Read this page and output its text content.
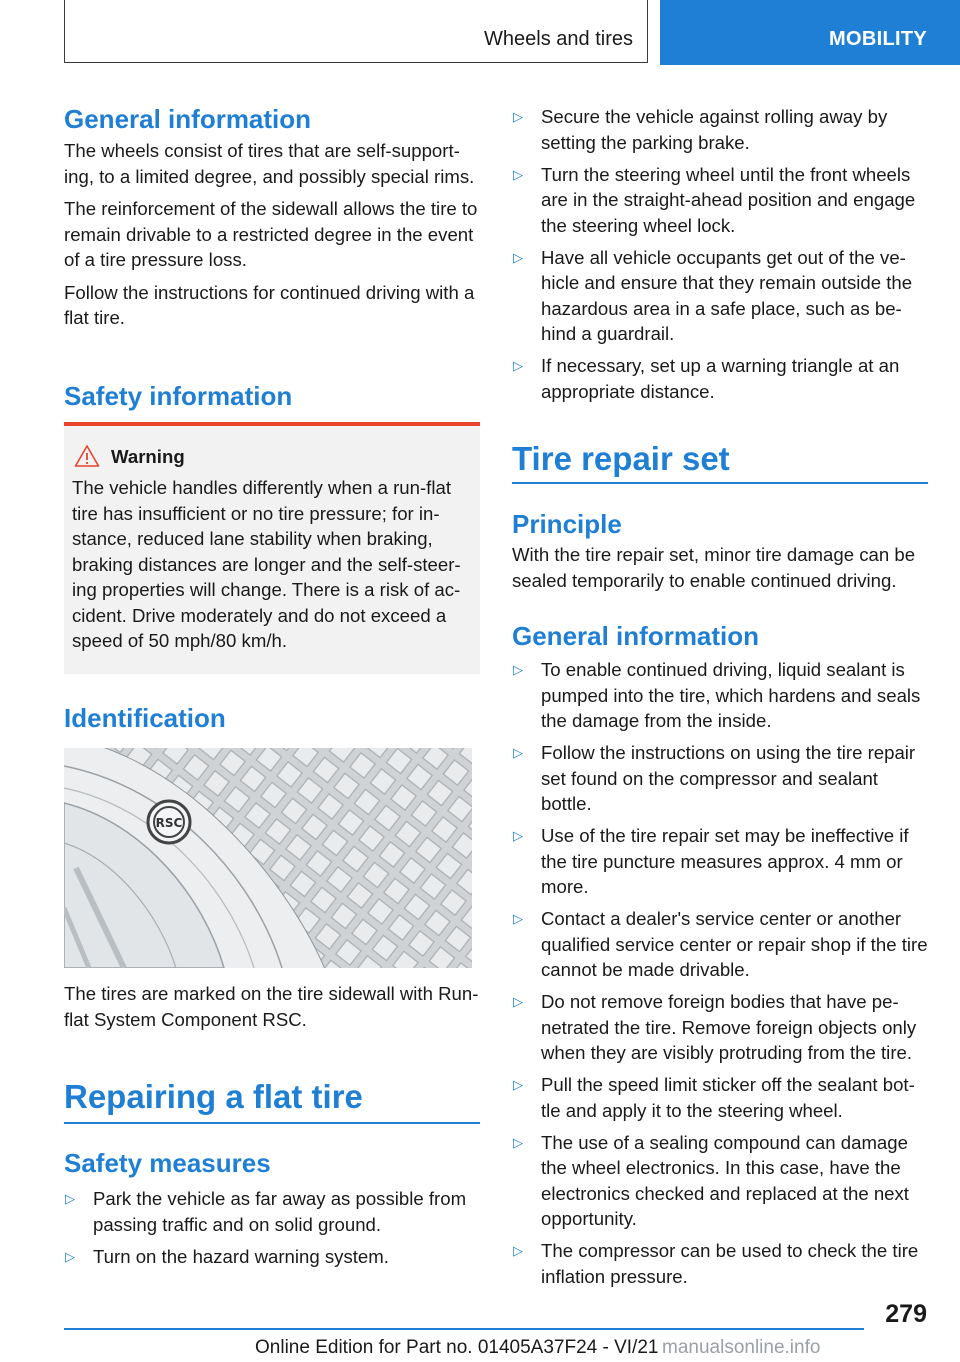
Wheels and tires	MOBILITY
General information

The wheels consist of tires that are self-support-ing, to a limited degree, and possibly special rims.

The reinforcement of the sidewall allows the tire to remain drivable to a restricted degree in the event of a tire pressure loss.

Follow the instructions for continued driving with a flat tire.

Safety information
Warning

The vehicle handles differently when a run-flat tire has insufficient or no tire pressure; for in-stance, reduced lane stability when braking, braking distances are longer and the self-steer-ing properties will change. There is a risk of ac-cident. Drive moderately and do not exceed a speed of 50 mph/80 km/h.

Identification
RSC

The tires are marked on the tire sidewall with Run-flat System Component RSC.

Repairing a flat tire
Safety measures
▷ Park the vehicle as far away as possible from passing traffic and on solid ground.
▷ Turn on the hazard warning system.
▷ Secure the vehicle against rolling away by setting the parking brake.
▷ Turn the steering wheel until the front wheels are in the straight-ahead position and engage the steering wheel lock.
▷ Have all vehicle occupants get out of the ve-hicle and ensure that they remain outside the hazardous area in a safe place, such as be-hind a guardrail.
▷ If necessary, set up a warning triangle at an appropriate distance.
Tire repair set
Principle

With the tire repair set, minor tire damage can be sealed temporarily to enable continued driving.

General information
▷ To enable continued driving, liquid sealant is pumped into the tire, which hardens and seals the damage from the inside.
▷ Follow the instructions on using the tire repair set found on the compressor and sealant bottle.
▷ Use of the tire repair set may be ineffective if the tire puncture measures approx. 4 mm or more.
▷ Contact a dealer's service center or another qualified service center or repair shop if the tire cannot be made drivable.
▷ Do not remove foreign bodies that have pe-netrated the tire. Remove foreign objects only when they are visibly protruding from the tire.
▷ Pull the speed limit sticker off the sealant bot-tle and apply it to the steering wheel.
▷ The use of a sealing compound can damage the wheel electronics. In this case, have the electronics checked and replaced at the next opportunity.
▷ The compressor can be used to check the tire inflation pressure.
279
Online Edition for Part no. 01405A37F24 - VI/21 manualsonline.info
